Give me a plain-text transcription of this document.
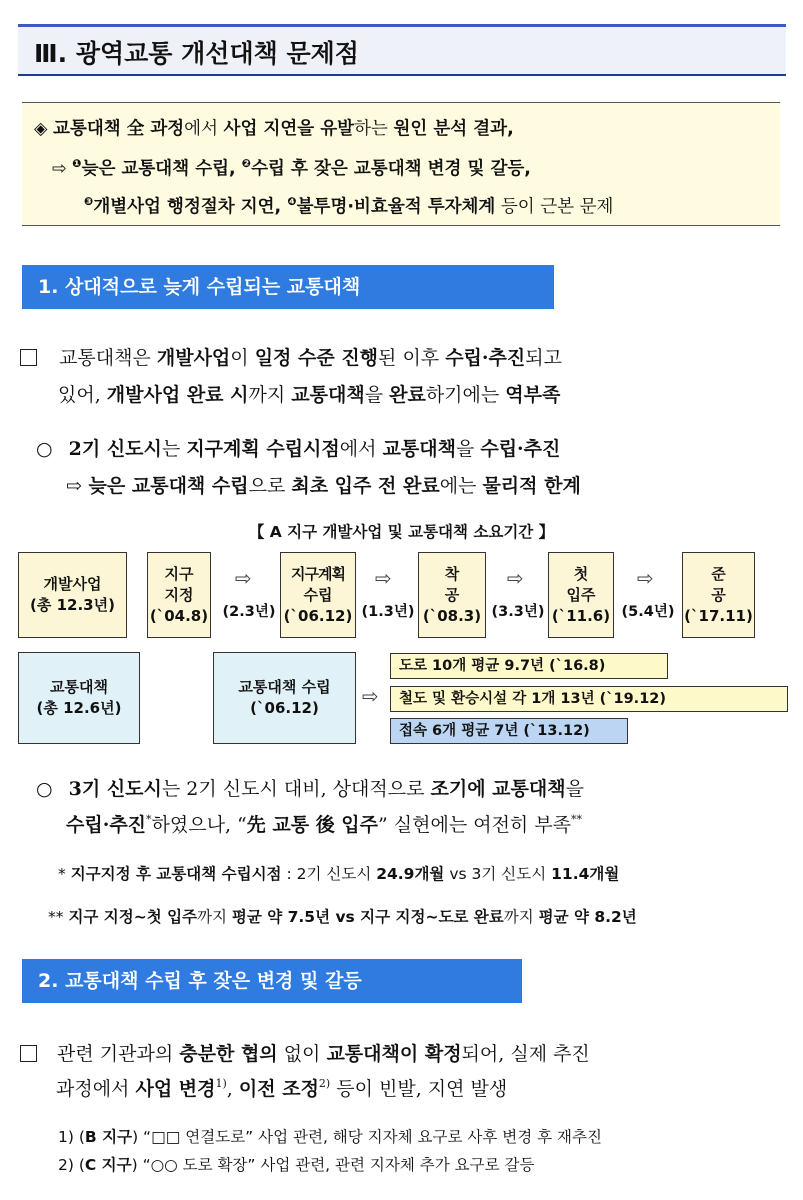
Ⅲ. 광역교통 개선대책 문제점
◈ 교통대책 全 과정에서 사업 지연을 유발하는 원인 분석 결과,
⇨ $^❶$늦은 교통대책 수립, $^❷$수립 후 잦은 교통대책 변경 및 갈등,
$^❸$개별사업 행정절차 지연, $^❹$불투명·비효율적 투자체계 등이 근본 문제
1. 상대적으로 늦게 수립되는 교통대책
교통대책은 개발사업이 일정 수준 진행된 이후 수립·추진되고
있어, 개발사업 완료 시까지 교통대책을 완료하기에는 역부족
○ 2기 신도시는 지구계획 수립시점에서 교통대책을 수립·추진
⇨ 늦은 교통대책 수립으로 최초 입주 전 완료에는 물리적 한계
【 A 지구 개발사업 및 교통대책 소요기간 】
개발사업
(총 12.3년)
지구
지정
(`04.8)
⇨
(2.3년)
지구계획
수립
(`06.12)
⇨
(1.3년)
착
공
(`08.3)
⇨
(3.3년)
첫
입주
(`11.6)
⇨
(5.4년)
준
공
(`17.11)
교통대책
(총 12.6년)
교통대책 수립
(`06.12) ⇨
도로 10개 평균 9.7년 (`16.8)
철도 및 환승시설 각 1개 13년 (`19.12)
접속 6개 평균 7년 (`13.12)
○ 3기 신도시는 2기 신도시 대비, 상대적으로 조기에 교통대책을
수립·추진*하였으나, “先 교통 後 입주” 실현에는 여전히 부족**
* 지구지정 후 교통대책 수립시점 : 2기 신도시 24.9개월 vs 3기 신도시 11.4개월
** 지구 지정~첫 입주까지 평균 약 7.5년 vs 지구 지정~도로 완료까지 평균 약 8.2년
2. 교통대책 수립 후 잦은 변경 및 갈등
관련 기관과의 충분한 협의 없이 교통대책이 확정되어, 실제 추진
과정에서 사업 변경$^{1)}$, 이전 조정$^{2)}$ 등이 빈발, 지연 발생
1) (B 지구) “□□ 연결도로” 사업 관련, 해당 지자체 요구로 사후 변경 후 재추진
2) (C 지구) “○○ 도로 확장” 사업 관련, 관련 지자체 추가 요구로 갈등
